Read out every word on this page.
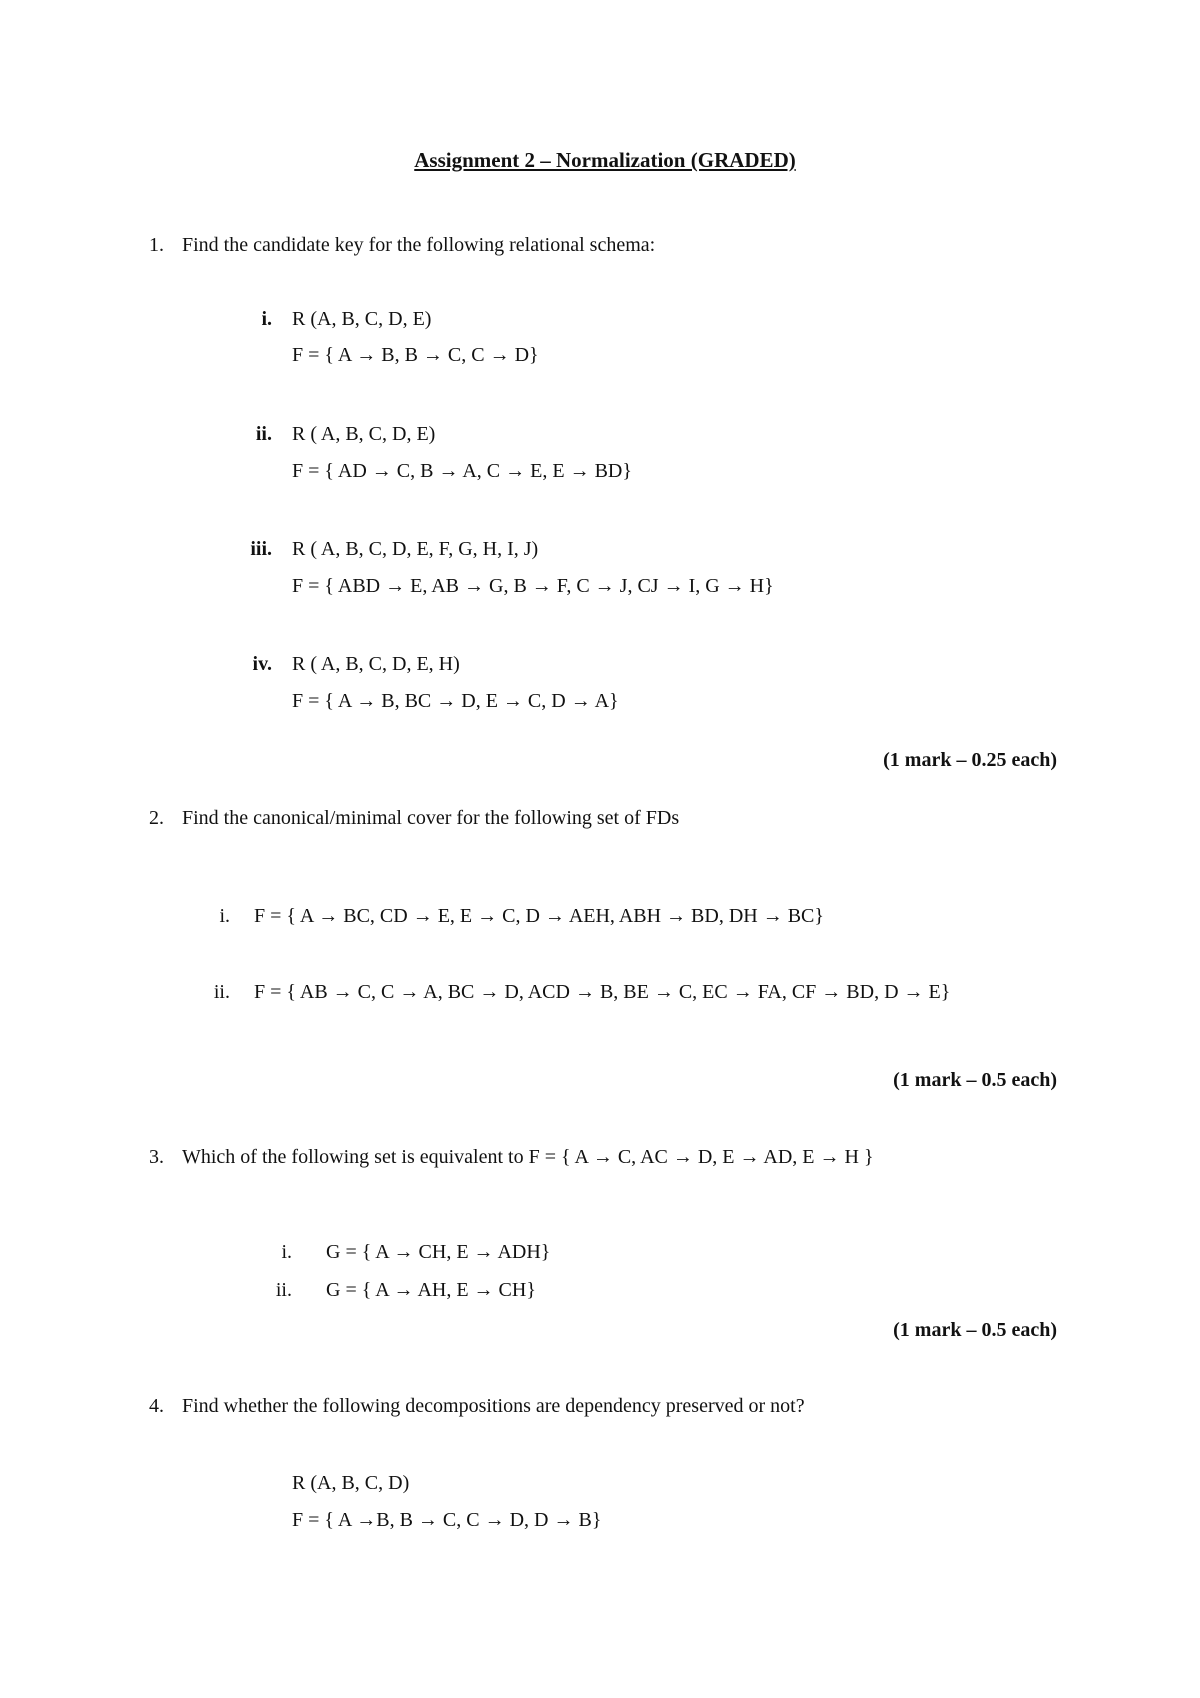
Assignment 2 – Normalization (GRADED)
1. Find the candidate key for the following relational schema:
i. R (A, B, C, D, E)
F = { A → B, B → C, C → D}
ii. R ( A, B, C, D, E)
F = { AD → C, B → A, C → E, E → BD}
iii. R ( A, B, C, D, E, F, G, H, I, J)
F = { ABD → E, AB → G, B → F, C → J, CJ → I, G → H}
iv. R ( A, B, C, D, E, H)
F = { A → B, BC → D, E → C, D → A}
(1 mark – 0.25 each)
2. Find the canonical/minimal cover for the following set of FDs
i. F = { A → BC, CD → E, E → C, D → AEH, ABH → BD, DH → BC}
ii. F = { AB → C, C → A, BC → D, ACD → B, BE → C, EC → FA, CF → BD, D → E}
(1 mark – 0.5 each)
3. Which of the following set is equivalent to F = { A → C, AC → D, E → AD, E → H }
i. G = { A → CH, E → ADH}
ii. G = { A → AH, E → CH}
(1 mark – 0.5 each)
4. Find whether the following decompositions are dependency preserved or not?
R (A, B, C, D)
F = { A →B, B → C, C → D, D → B}
